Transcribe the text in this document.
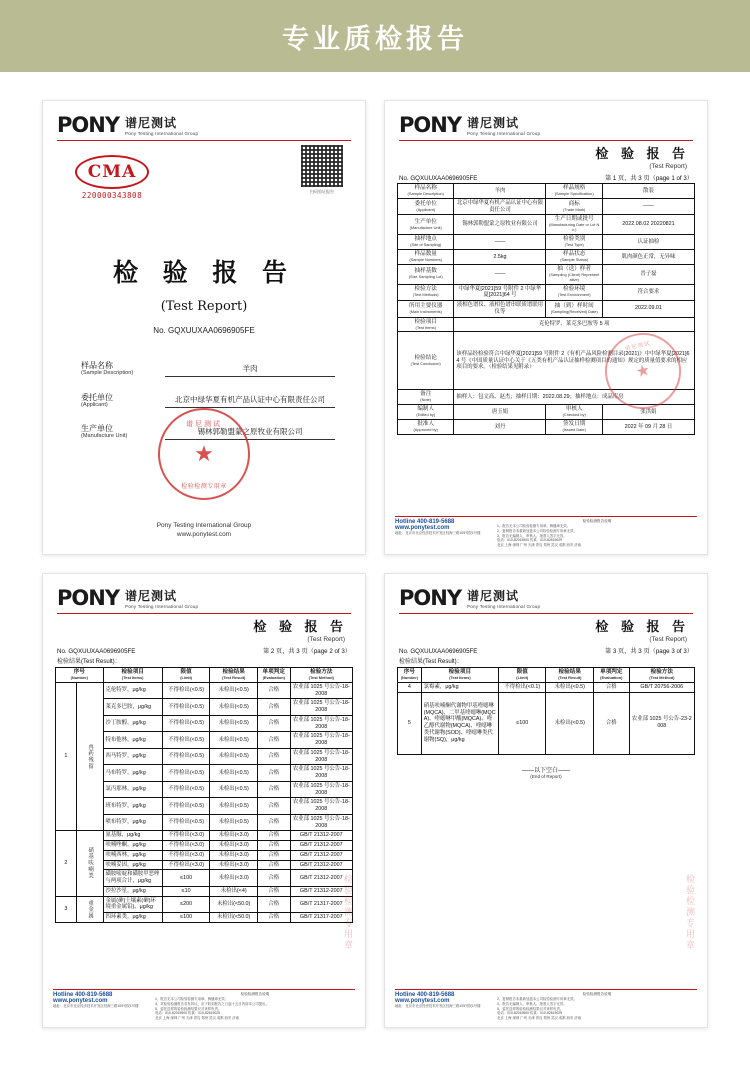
专业质检报告
PONY 谱尼测试
Pony Testing International Group
CMA
220000343808	扫码验证报告
检 验 报 告
(Test Report)
No. GQXUUXAA0696905FE
样品名称
(Sample Description)
羊肉
委托单位
(Applicant)
北京中绿华夏有机产品认证中心有限责任公司
生产单位
(Manufacture Unit)
锡林郭勒盟蒙之原牧业有限公司
谱尼测试
★
检验检测专用章
Pony Testing International Group
www.ponytest.com
PONY 谱尼测试
Pony Testing International Group
检 验 报 告
(Test Report)
No. GQXUUXAA0696905FE	第 1 页，共 3 页（page 1 of 3）
样品名称
(Sample Description)	羊肉	样品规格
(Sample Specification)	散装

委托单位
(Applicant)	北京中绿华夏有机产品认证中心有限责任公司	商标
(Trade Mark)	——

生产单位
(Manufacture Unit)	锡林郭勒盟蒙之原牧业有限公司	生产日期或批号
(Manufacturing Date or Lot No.)	2022.08.02 20220821

抽样地点
(Site of Sampling)	——	检验类别
(Test Type)	认证抽检

样品数量
(Sample Numbers)	2.5kg	样品状态
(Sample Status)	肌肉颜色正常，无异味

抽样基数
(Size Sampling Lot)	——	抽（送）样者
(Sampling (Client) Representative)	晋子磊

检验方法
(Test Methods)	中绿华夏[2021]59 号附件 2 中绿华夏[2021]64 号	检验环境
(Test Environment)	符合要求

所用主要仪器
(Main Instruments)	液相色谱仪、液相色谱串联质谱联用仪等	抽（到）样时间
(Sampling(Received) Date)	2022.09.01

检验项目
(Test Items)	克伦特罗、莱克多巴胺等 5 项		

检验结论
(Test Conclusion)	该样品经检验符合中绿华夏[2021]59 号附件 2《有机产品风险检测目录(2021)》中中绿华夏[2021]64 号《中国质量认证中心关于《五类有机产品认证抽样检测项目的通知》规定的质量值要求的相应项目的要求。（检验结果见附录）		

备注
(Note)	抽样人：包文高、赵杰；抽样日期：2022.08.29；抽样地点：成品库房		

编制人
(Edited by)	唐玉娟	审核人
(Checked by)	张洪娟

批准人
(Approved by)	刘丹	签发日期
(Issued Date)	2022 年 09 月 28 日
谱尼测试
★
Hotline 400-819-5688
www.ponytest.com
地址：北京市北京经济技术开发区经海三路109号院1号楼
检验检测报告说明
1、报告无本公司检验检测专用章、骑缝章无效。
2、复制报告未重新加盖本公司检验检测专用章无效。
3、报告无编制人、审核人、批准人签字无效。
电话：010-82015500 传真：010-82619029
北京 上海 深圳 广州 天津 青岛 郑州 武汉 成都 西安 济南
PONY 谱尼测试
Pony Testing International Group
检 验 报 告
(Test Report)
No. GQXUUXAA0696905FE	第 2 页，共 3 页（page 2 of 3）
检验结果(Test Result)：
序号
(Number)		检验项目
(Test Items)	限值
(Limit)	检验结果
(Test Result)	单项判定
(Evaluation)	检验方法
(Test Method)

1	兽药残留	克伦特罗，μg/kg	不得检出(<0.5)	未检出(<0.5)	合格	农业部 1025 号公告-18-2008
		莱克多巴胺，μg/kg	不得检出(<0.5)	未检出(<0.5)	合格	农业部 1025 号公告-18-2008
		沙丁胺醇，μg/kg	不得检出(<0.5)	未检出(<0.5)	合格	农业部 1025 号公告-18-2008
		特布他林，μg/kg	不得检出(<0.5)	未检出(<0.5)	合格	农业部 1025 号公告-18-2008
		西马特罗，μg/kg	不得检出(<0.5)	未检出(<0.5)	合格	农业部 1025 号公告-18-2008
		马布特罗，μg/kg	不得检出(<0.5)	未检出(<0.5)	合格	农业部 1025 号公告-18-2008
		氯丙那林，μg/kg	不得检出(<0.5)	未检出(<0.5)	合格	农业部 1025 号公告-18-2008
		班布特罗，μg/kg	不得检出(<0.5)	未检出(<0.5)	合格	农业部 1025 号公告-18-2008
		喷布特罗，μg/kg	不得检出(<0.5)	未检出(<0.5)	合格	农业部 1025 号公告-18-2008
2	硝基呋喃类	氨基脲，μg/kg	不得检出(<3.0)	未检出(<3.0)	合格	GB/T 21312-2007
		呋喃唑酮，μg/kg	不得检出(<3.0)	未检出(<3.0)	合格	GB/T 21312-2007
		呋喃西林，μg/kg	不得检出(<3.0)	未检出(<3.0)	合格	GB/T 21312-2007
		呋喃妥因，μg/kg	不得检出(<3.0)	未检出(<3.0)	合格	GB/T 21312-2007
		磺胺嘧啶和磺胺甲恶唑与两项合计，μg/kg	≤100	未检出(<3.0)	合格	GB/T 21312-2007
		沙拉沙星，μg/kg	≤10	未检出(<4)	合格	GB/T 21312-2007
3	重金属	金属(砷)土壤素(砷)环境重金属铅)，μg/kg	≤200	未检出(<50.0)	合格	GB/T 21317-2007
		四环素类，μg/kg	≤100	未检出(<50.0)	合格	GB/T 21317-2007 检验检测专用章
Hotline 400-819-5688
www.ponytest.com
地址：北京市北京经济技术开发区经海三路109号院1号楼
检验检测报告说明
1、报告无本公司检验检测专用章、骑缝章无效。
4、对检验检测报告若有异议，应于收到报告之日起十五日内向本公司提出。
5、委托送样的检验检测结果仅对来样负责。
电话：010-82015500 传真：010-82619029
北京 上海 深圳 广州 天津 青岛 郑州 武汉 成都 西安 济南
PONY 谱尼测试
Pony Testing International Group
检 验 报 告
(Test Report)
No. GQXUUXAA0696905FE	第 3 页，共 3 页（page 3 of 3）
检验结果(Test Result)：
序号
(Number)	检验项目
(Test Items)	限值
(Limit)	检验结果
(Test Result)	单项判定
(Evaluation)	检验方法
(Test Method)

4	氯霉素，μg/kg	不得检出(<0.1)	未检出(<0.5)	合格	GB/T 20756-2006
5	硝基呋喃酮代谢物甲基喹噁啉(MQCA)、二甲基喹噁啉(MQCA)、喹噁啉甲酸(MQCA)、喹乙醇代谢物(MQCA)、喹噁啉类代谢物(SOD)、喹噁啉类代谢物(SQ)，μg/kg	≤100	未检出(<0.5)	合格	农业部 1025 号公告-23-2008
——以下空白——
(End of Report)
检验检测专用章
Hotline 400-819-5688
www.ponytest.com
地址：北京市北京经济技术开发区经海三路109号院1号楼
检验检测报告说明
2、复制报告未重新加盖本公司检验检测专用章无效。
3、报告无编制人、审核人、批准人签字无效。
5、委托送样的检验检测结果仅对来样负责。
电话：010-82015500 传真：010-82619029
北京 上海 深圳 广州 天津 青岛 郑州 武汉 成都 西安 济南
